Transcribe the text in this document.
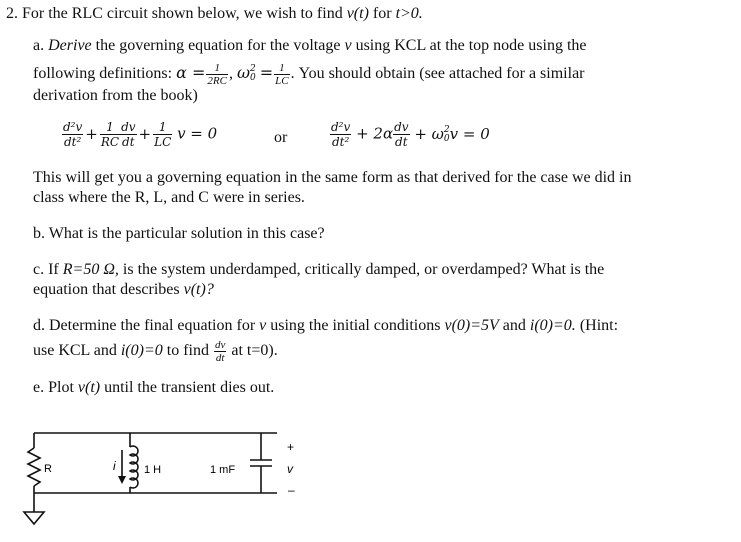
2. For the RLC circuit shown below, we wish to find v(t) for t>0.
a. Derive the governing equation for the voltage v using KCL at the top node using the
following definitions: $\alpha = \frac{1}{2RC}$ , ω 2
$0 = \frac{1}{LC}$ . You should obtain (see attached for a similar
derivation from the book)
$\frac{\text{d²v}}{\text{dt²}} + \frac{1}{RC} \frac{dv}{dt} + \frac{1}{LC}$ v = 0	or	$\frac{\text{d²v}}{\text{dt²}} + 2\alpha \frac{dv}{dt} + \omega$ 2
0 v = 0
This will get you a governing equation in the same form as that derived for the case we did in
class where the R, L, and C were in series.
b. What is the particular solution in this case?
c. If R=50 Ω, is the system underdamped, critically damped, or overdamped? What is the
equation that describes v(t)?
d. Determine the final equation for v using the initial conditions v(0)=5V and i(0)=0. (Hint:
use KCL and i(0)=0 to find $\frac{dv}{dt}$ at t=0).
e. Plot v(t) until the transient dies out.
R	i	1 H	1 mF
+
v
–
